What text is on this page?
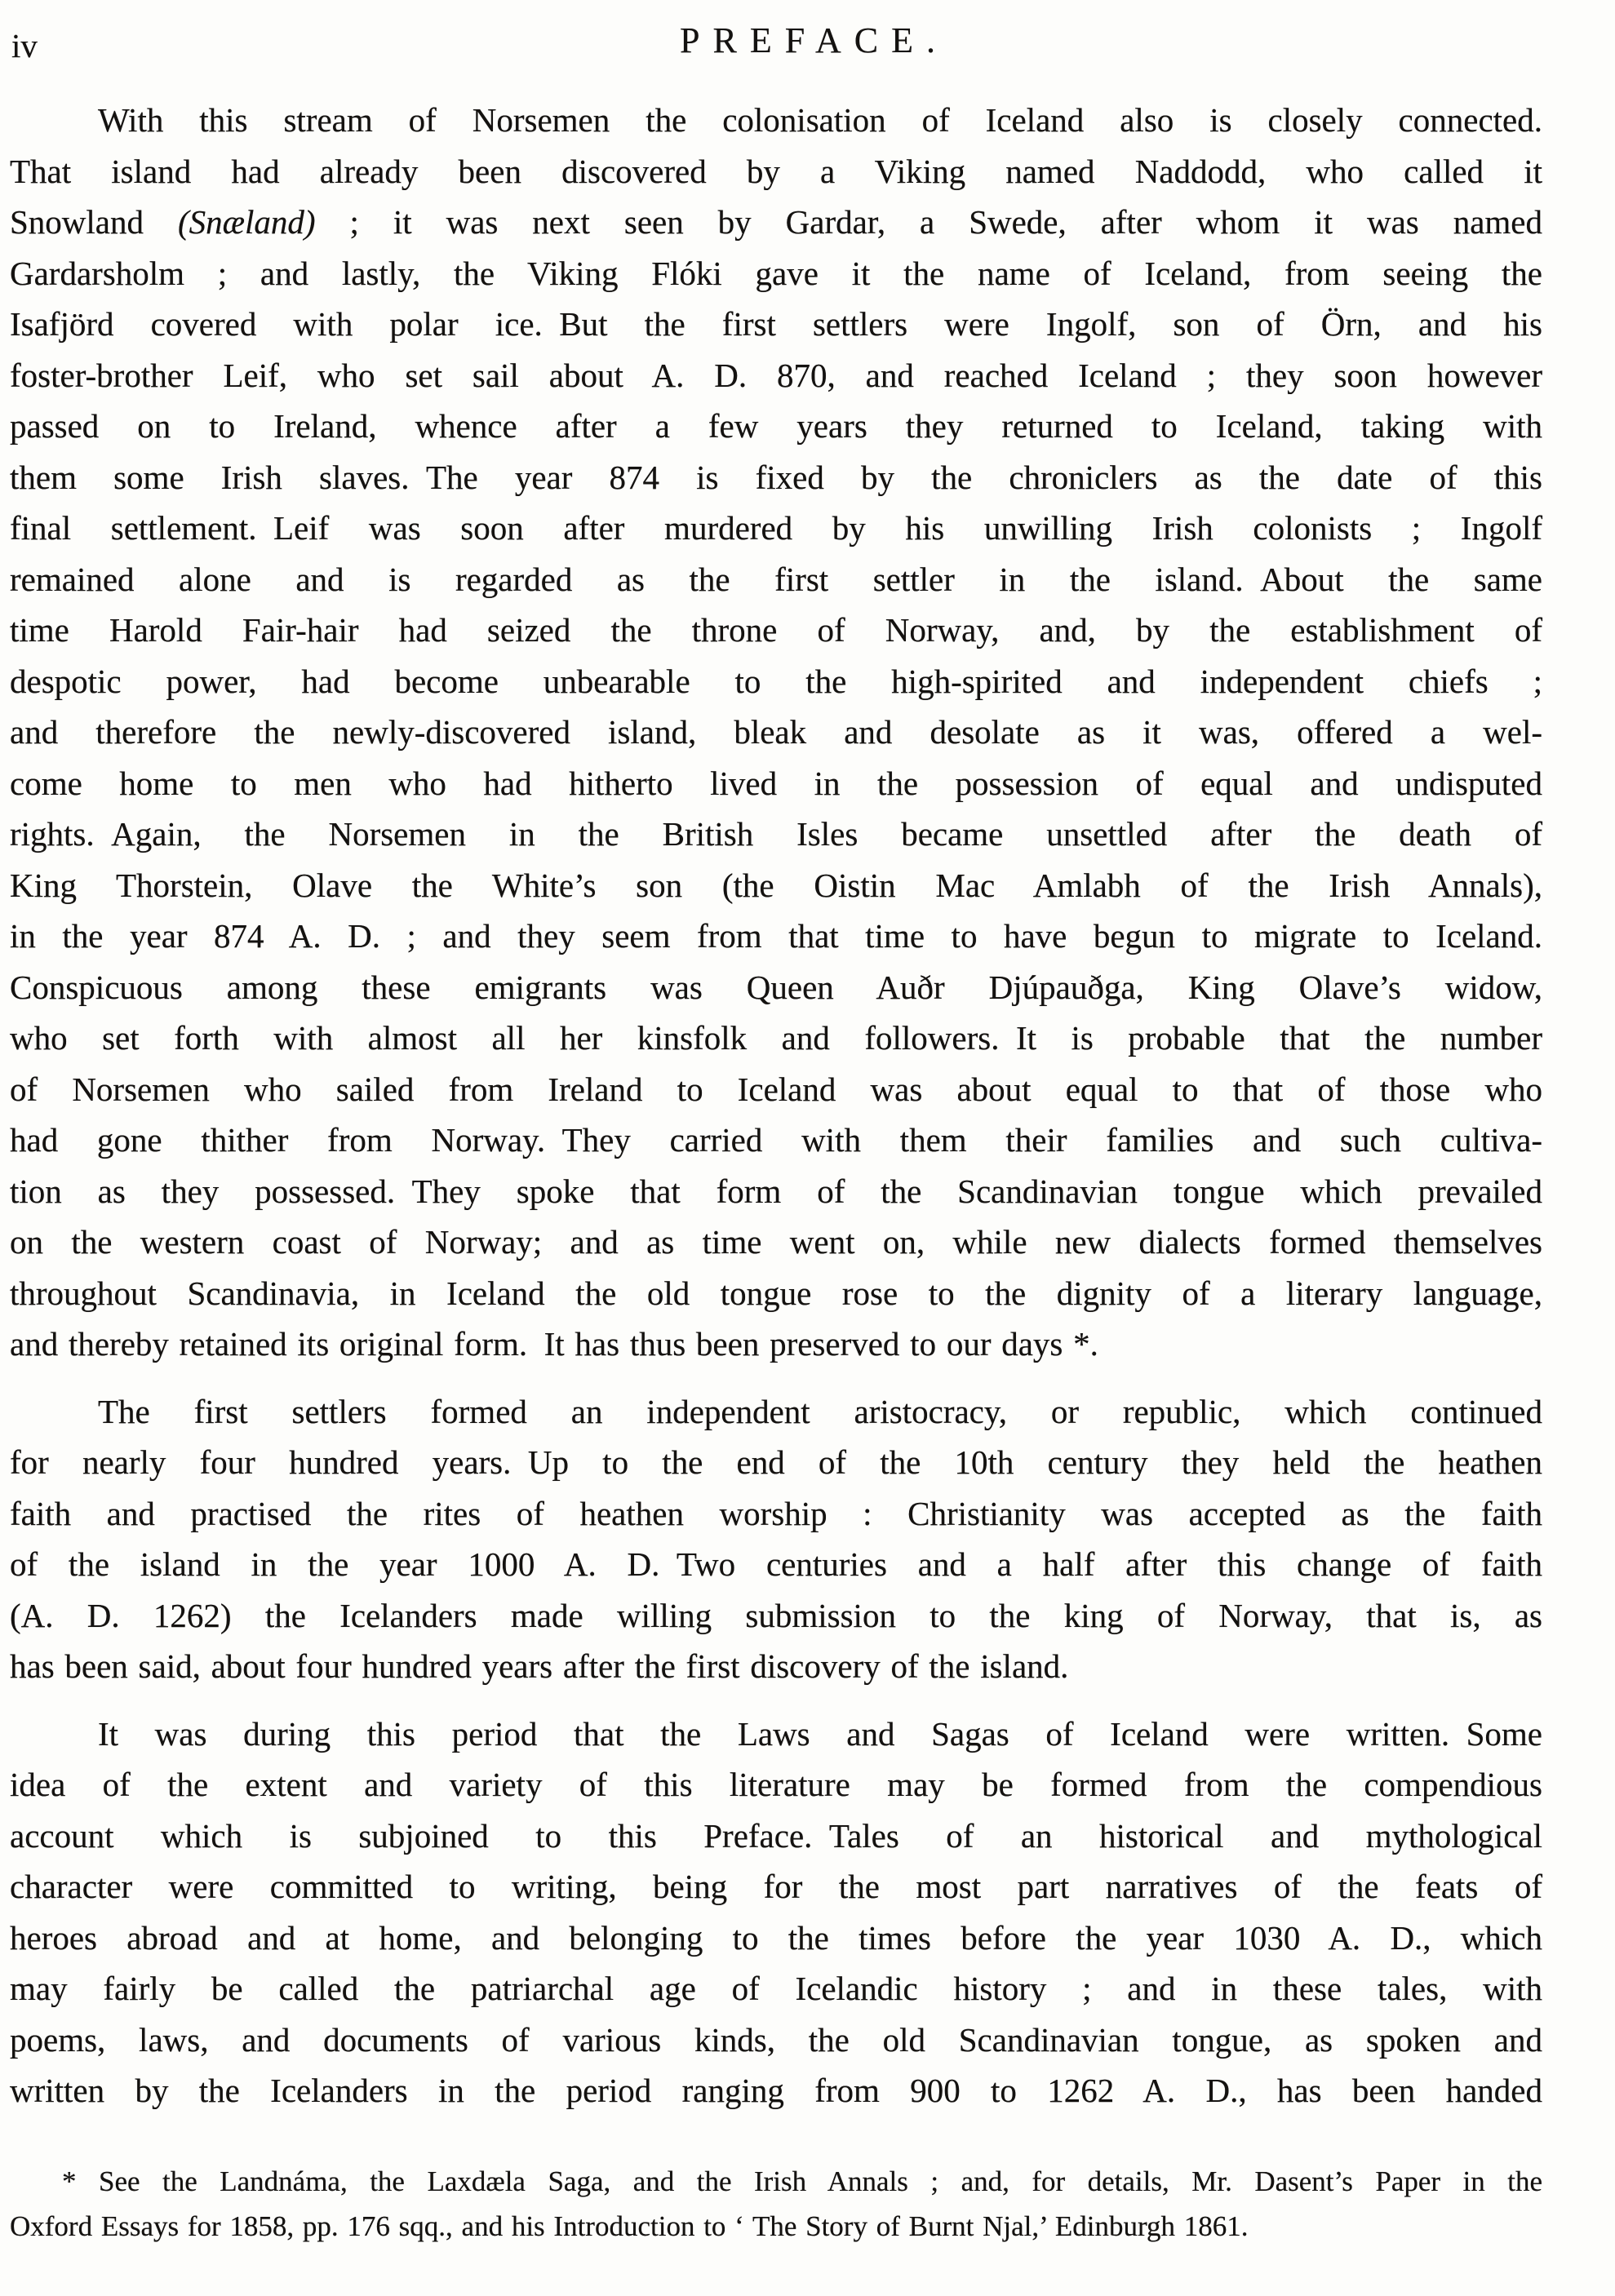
iv	PREFACE.
With this stream of Norsemen the colonisation of Iceland also is closely connected.
That island had already been discovered by a Viking named Naddodd, who called it
Snowland (Snæland) ; it was next seen by Gardar, a Swede, after whom it was named
Gardarsholm ; and lastly, the Viking Flóki gave it the name of Iceland, from seeing the
Isafjörd covered with polar ice. But the first settlers were Ingolf, son of Örn, and his
foster-brother Leif, who set sail about A. D. 870, and reached Iceland ; they soon however
passed on to Ireland, whence after a few years they returned to Iceland, taking with
them some Irish slaves. The year 874 is fixed by the chroniclers as the date of this
final settlement. Leif was soon after murdered by his unwilling Irish colonists ; Ingolf
remained alone and is regarded as the first settler in the island. About the same
time Harold Fair-hair had seized the throne of Norway, and, by the establishment of
despotic power, had become unbearable to the high-spirited and independent chiefs ;
and therefore the newly-discovered island, bleak and desolate as it was, offered a wel-
come home to men who had hitherto lived in the possession of equal and undisputed
rights. Again, the Norsemen in the British Isles became unsettled after the death of
King Thorstein, Olave the White’s son (the Oistin Mac Amlabh of the Irish Annals),
in the year 874 A. D. ; and they seem from that time to have begun to migrate to Iceland.
Conspicuous among these emigrants was Queen Auðr Djúpauðga, King Olave’s widow,
who set forth with almost all her kinsfolk and followers. It is probable that the number
of Norsemen who sailed from Ireland to Iceland was about equal to that of those who
had gone thither from Norway. They carried with them their families and such cultiva-
tion as they possessed. They spoke that form of the Scandinavian tongue which prevailed
on the western coast of Norway; and as time went on, while new dialects formed themselves
throughout Scandinavia, in Iceland the old tongue rose to the dignity of a literary language,
and thereby retained its original form. It has thus been preserved to our days *.
The first settlers formed an independent aristocracy, or republic, which continued
for nearly four hundred years. Up to the end of the 10th century they held the heathen
faith and practised the rites of heathen worship : Christianity was accepted as the faith
of the island in the year 1000 A. D. Two centuries and a half after this change of faith
(A. D. 1262) the Icelanders made willing submission to the king of Norway, that is, as
has been said, about four hundred years after the first discovery of the island.
It was during this period that the Laws and Sagas of Iceland were written. Some
idea of the extent and variety of this literature may be formed from the compendious
account which is subjoined to this Preface. Tales of an historical and mythological
character were committed to writing, being for the most part narratives of the feats of
heroes abroad and at home, and belonging to the times before the year 1030 A. D., which
may fairly be called the patriarchal age of Icelandic history ; and in these tales, with
poems, laws, and documents of various kinds, the old Scandinavian tongue, as spoken and
written by the Icelanders in the period ranging from 900 to 1262 A. D., has been handed
* See the Landnáma, the Laxdæla Saga, and the Irish Annals ; and, for details, Mr. Dasent’s Paper in the
Oxford Essays for 1858, pp. 176 sqq., and his Introduction to ‘ The Story of Burnt Njal,’ Edinburgh 1861.
